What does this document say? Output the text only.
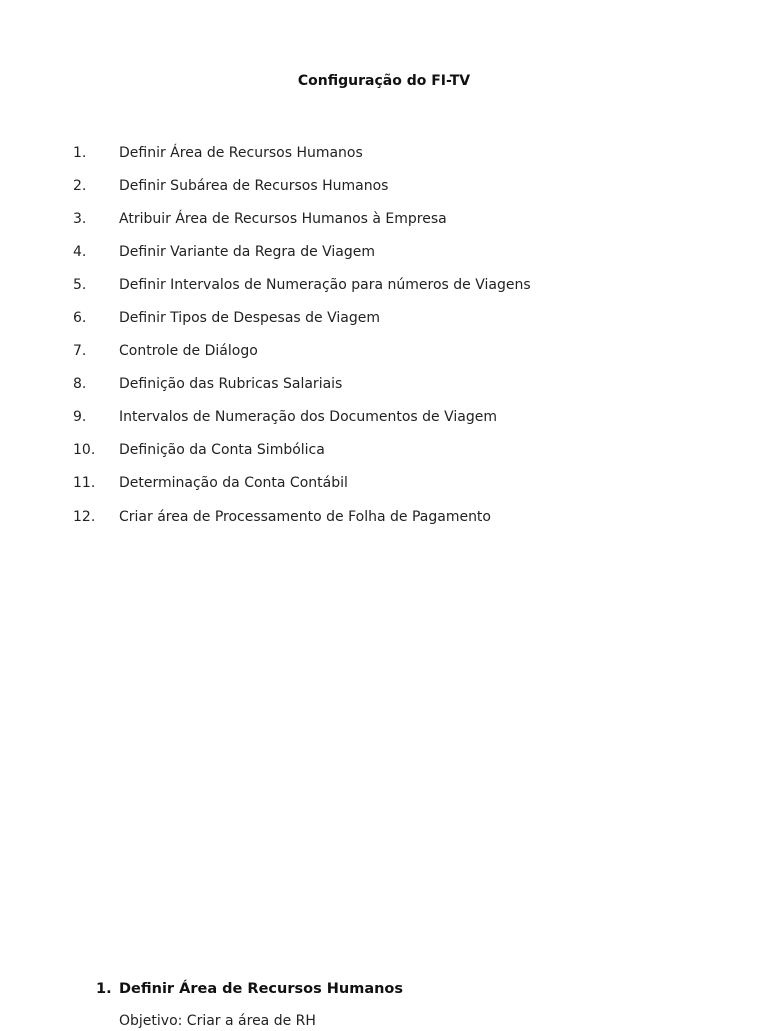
Configuração do FI-TV
1.	Definir Área de Recursos Humanos
2.	Definir Subárea de Recursos Humanos
3.	Atribuir Área de Recursos Humanos à Empresa
4.	Definir Variante da Regra de Viagem
5.	Definir Intervalos de Numeração para números de Viagens
6.	Definir Tipos de Despesas de Viagem
7.	Controle de Diálogo
8.	Definição das Rubricas Salariais
9.	Intervalos de Numeração dos Documentos de Viagem
10.	Definição da Conta Simbólica
11.	Determinação da Conta Contábil
12.	Criar área de Processamento de Folha de Pagamento
1. Definir Área de Recursos Humanos
Objetivo: Criar a área de RH
